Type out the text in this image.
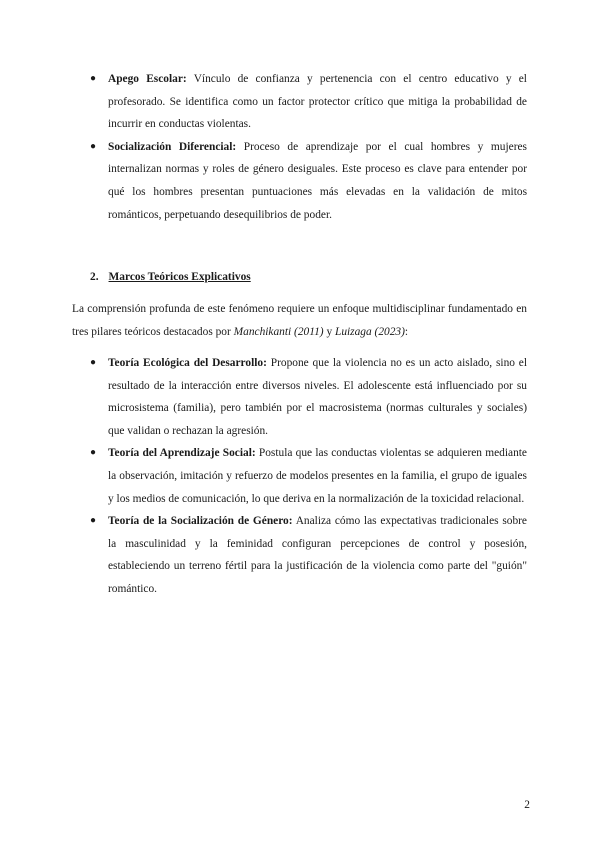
● Apego Escolar: Vínculo de confianza y pertenencia con el centro educativo y el profesorado. Se identifica como un factor protector crítico que mitiga la probabilidad de incurrir en conductas violentas.
● Socialización Diferencial: Proceso de aprendizaje por el cual hombres y mujeres internalizan normas y roles de género desiguales. Este proceso es clave para entender por qué los hombres presentan puntuaciones más elevadas en la validación de mitos románticos, perpetuando desequilibrios de poder.
2. Marcos Teóricos Explicativos

La comprensión profunda de este fenómeno requiere un enfoque multidisciplinar fundamentado en tres pilares teóricos destacados por Manchikanti (2011) y Luizaga (2023):

● Teoría Ecológica del Desarrollo: Propone que la violencia no es un acto aislado, sino el resultado de la interacción entre diversos niveles. El adolescente está influenciado por su microsistema (familia), pero también por el macrosistema (normas culturales y sociales) que validan o rechazan la agresión.
● Teoría del Aprendizaje Social: Postula que las conductas violentas se adquieren mediante la observación, imitación y refuerzo de modelos presentes en la familia, el grupo de iguales y los medios de comunicación, lo que deriva en la normalización de la toxicidad relacional.
● Teoría de la Socialización de Género: Analiza cómo las expectativas tradicionales sobre la masculinidad y la feminidad configuran percepciones de control y posesión, estableciendo un terreno fértil para la justificación de la violencia como parte del "guión" romántico.
2
